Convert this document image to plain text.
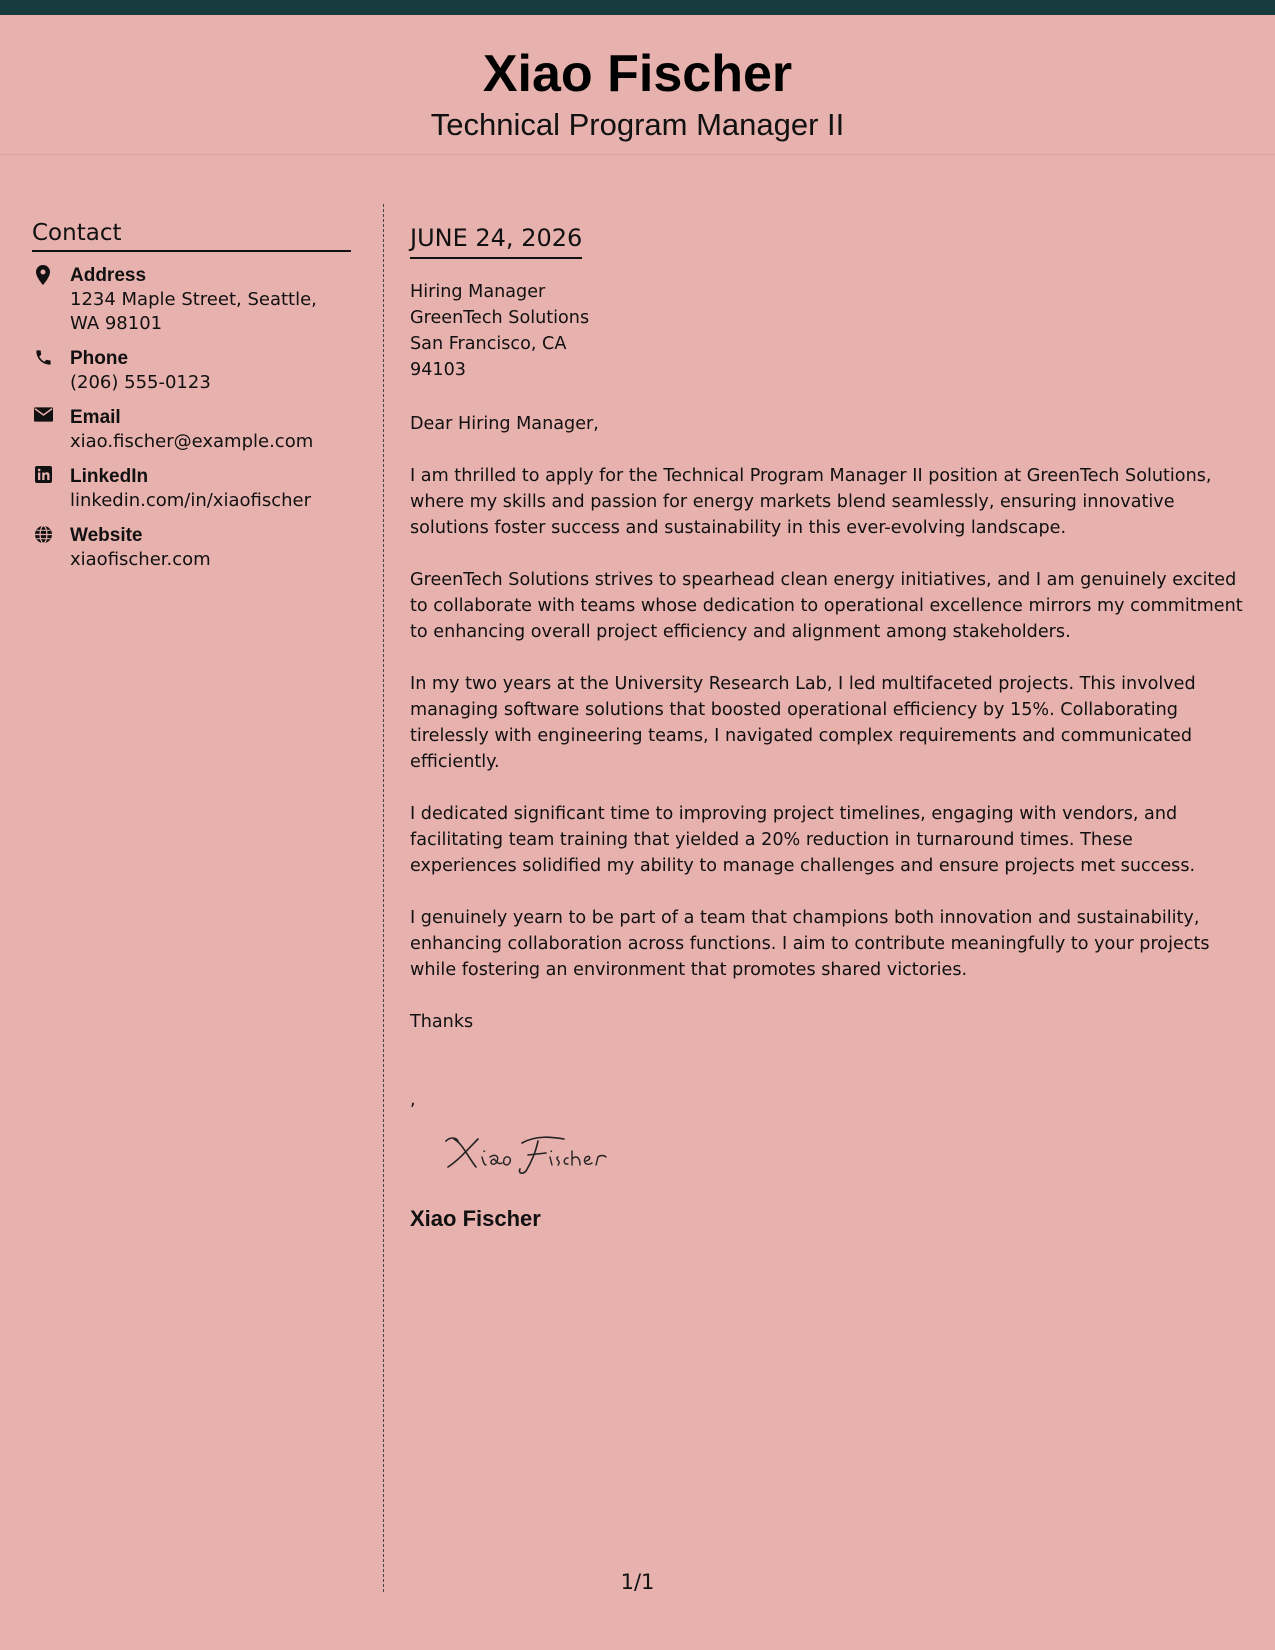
Xiao Fischer
Technical Program Manager II
Contact
Address
1234 Maple Street, Seattle, WA 98101
Phone
(206) 555-0123
Email
xiao.fischer@example.com
LinkedIn
linkedin.com/in/xiaofischer
Website
xiaofischer.com
JUNE 24, 2026
Hiring Manager
GreenTech Solutions
San Francisco, CA
94103
Dear Hiring Manager,
I am thrilled to apply for the Technical Program Manager II position at GreenTech Solutions, where my skills and passion for energy markets blend seamlessly, ensuring innovative solutions foster success and sustainability in this ever-evolving landscape.
GreenTech Solutions strives to spearhead clean energy initiatives, and I am genuinely excited to collaborate with teams whose dedication to operational excellence mirrors my commitment to enhancing overall project efficiency and alignment among stakeholders.
In my two years at the University Research Lab, I led multifaceted projects. This involved managing software solutions that boosted operational efficiency by 15%. Collaborating tirelessly with engineering teams, I navigated complex requirements and communicated efficiently.
I dedicated significant time to improving project timelines, engaging with vendors, and facilitating team training that yielded a 20% reduction in turnaround times. These experiences solidified my ability to manage challenges and ensure projects met success.
I genuinely yearn to be part of a team that champions both innovation and sustainability, enhancing collaboration across functions. I aim to contribute meaningfully to your projects while fostering an environment that promotes shared victories.
Thanks
,
Xiao Fischer
1/1
